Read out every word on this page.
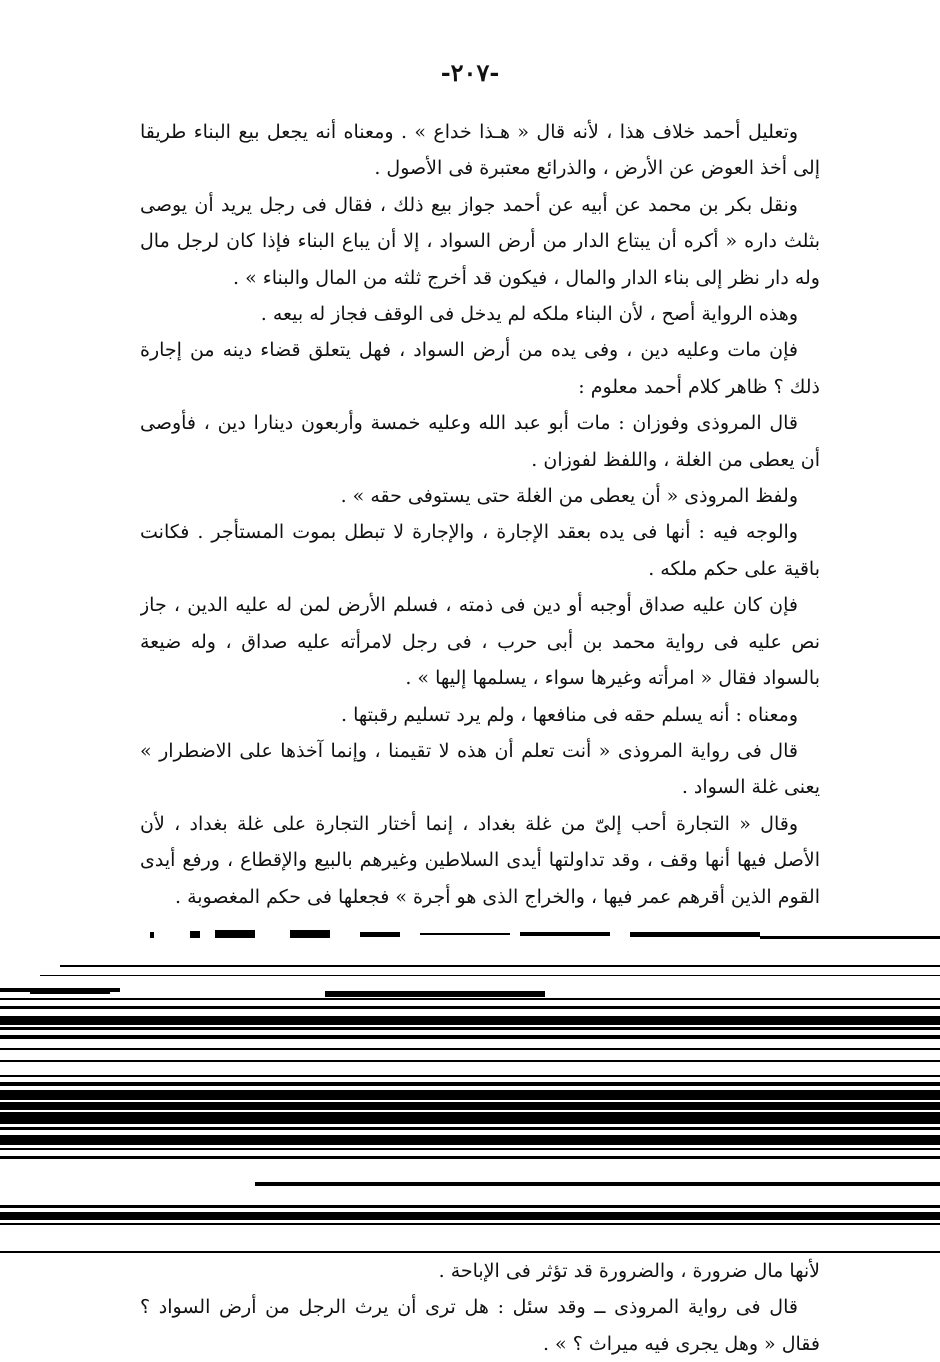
-٢٠٧-

وتعليل أحمد خلاف هذا ، لأنه قال « هـذا خداع » . ومعناه أنه يجعل بيع البناء طريقا إلى أخذ العوض عن الأرض ، والذرائع معتبرة فى الأصول .

ونقل بكر بن محمد عن أبيه عن أحمد جواز بيع ذلك ، فقال فى رجل يريد أن يوصى بثلث داره « أكره أن يبتاع الدار من أرض السواد ، إلا أن يباع البناء فإذا كان لرجل مال وله دار نظر إلى بناء الدار والمال ، فيكون قد أخرج ثلثه من المال والبناء » .

وهذه الرواية أصح ، لأن البناء ملكه لم يدخل فى الوقف فجاز له بيعه .

فإن مات وعليه دين ، وفى يده من أرض السواد ، فهل يتعلق قضاء دينه من إجارة ذلك ؟ ظاهر كلام أحمد معلوم :

قال المروذى وفوزان : مات أبو عبد الله وعليه خمسة وأربعون دينارا دين ، فأوصى أن يعطى من الغلة ، واللفظ لفوزان .

ولفظ المروذى « أن يعطى من الغلة حتى يستوفى حقه » .

والوجه فيه : أنها فى يده بعقد الإجارة ، والإجارة لا تبطل بموت المستأجر . فكانت باقية على حكم ملكه .

فإن كان عليه صداق أوجبه أو دين فى ذمته ، فسلم الأرض لمن له عليه الدين ، جاز نص عليه فى رواية محمد بن أبى حرب ، فى رجل لامرأته عليه صداق ، وله ضيعة بالسواد فقال « امرأته وغيرها سواء ، يسلمها إليها » .

ومعناه : أنه يسلم حقه فى منافعها ، ولم يرد تسليم رقبتها .

قال فى رواية المروذى « أنت تعلم أن هذه لا تقيمنا ، وإنما آخذها على الاضطرار » يعنى غلة السواد .

وقال « التجارة أحب إلىّ من غلة بغداد ، إنما أختار التجارة على غلة بغداد ، لأن الأصل فيها أنها وقف ، وقد تداولتها أيدى السلاطين وغيرهم بالبيع والإقطاع ، ورفع أيدى القوم الذين أقرهم عمر فيها ، والخراج الذى هو أجرة » فجعلها فى حكم المغصوبة .

لأنها مال ضرورة ، والضرورة قد تؤثر فى الإباحة .

قال فى رواية المروذى ــ وقد سئل : هل ترى أن يرث الرجل من أرض السواد ؟ فقال « وهل يجرى فيه ميراث ؟ » .
